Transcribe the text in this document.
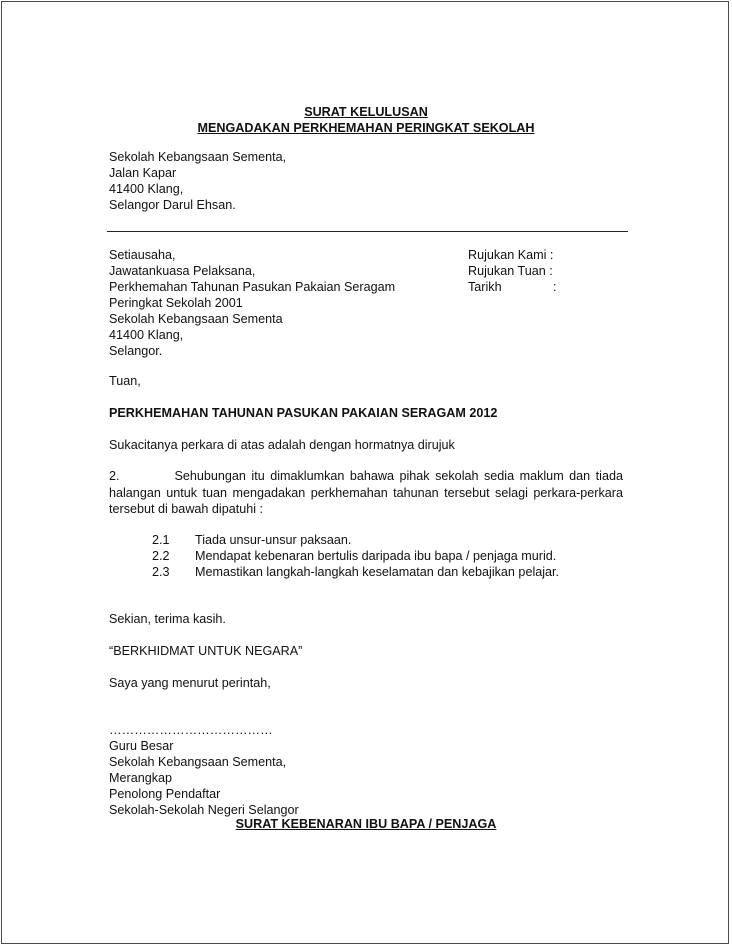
SURAT KELULUSAN
MENGADAKAN PERKHEMAHAN PERINGKAT SEKOLAH
Sekolah Kebangsaan Sementa,
Jalan Kapar
41400 Klang,
Selangor Darul Ehsan.
Setiausaha,
Jawatankuasa Pelaksana,
Perkhemahan Tahunan Pasukan Pakaian Seragam
Peringkat Sekolah 2001
Sekolah Kebangsaan Sementa
41400 Klang,
Selangor.
Rujukan Kami :
Rujukan Tuan :
Tarikh	:
Tuan,
PERKHEMAHAN TAHUNAN PASUKAN PAKAIAN SERAGAM 2012
Sukacitanya perkara di atas adalah dengan hormatnya dirujuk
2.          Sehubungan itu dimaklumkan bahawa pihak sekolah sedia maklum dan tiada halangan untuk tuan mengadakan perkhemahan tahunan tersebut selagi perkara-perkara tersebut di bawah dipatuhi :
2.1 Tiada unsur-unsur paksaan.
2.2 Mendapat kebenaran bertulis daripada ibu bapa / penjaga murid.
2.3 Memastikan langkah-langkah keselamatan dan kebajikan pelajar.
Sekian, terima kasih.
“BERKHIDMAT UNTUK NEGARA”
Saya yang menurut perintah,
…………………………………
Guru Besar
Sekolah Kebangsaan Sementa,
Merangkap
Penolong Pendaftar
Sekolah-Sekolah Negeri Selangor
SURAT KEBENARAN IBU BAPA / PENJAGA
